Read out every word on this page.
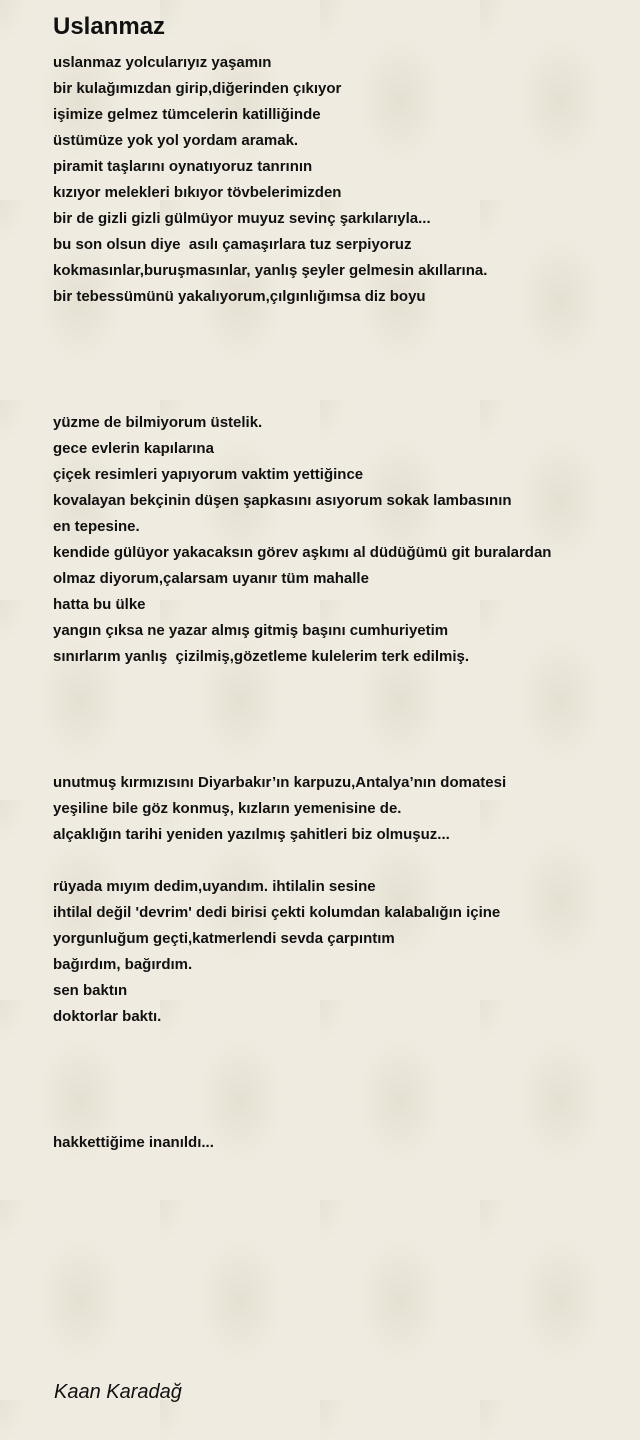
Uslanmaz
uslanmaz yolcularıyız yaşamın
bir kulağımızdan girip,diğerinden çıkıyor
işimize gelmez tümcelerin katilliğinde
üstümüze yok yol yordam aramak.
piramit taşlarını oynatıyoruz tanrının
kızıyor melekleri bıkıyor tövbelerimizden
bir de gizli gizli gülmüyor muyuz sevinç şarkılarıyla...
bu son olsun diye  asılı çamaşırlara tuz serpiyoruz
kokmasınlar,buruşmasınlar, yanlış şeyler gelmesin akıllarına.
bir tebessümünü yakalıyorum,çılgınlığımsa diz boyu
yüzme de bilmiyorum üstelik.
gece evlerin kapılarına
çiçek resimleri yapıyorum vaktim yettiğince
kovalayan bekçinin düşen şapkasını asıyorum sokak lambasının
en tepesine.
kendide gülüyor yakacaksın görev aşkımı al düdüğümü git buralardan
olmaz diyorum,çalarsam uyanır tüm mahalle
hatta bu ülke
yangın çıksa ne yazar almış gitmiş başını cumhuriyetim
sınırlarım yanlış  çizilmiş,gözetleme kulelerim terk edilmiş.
unutmuş kırmızısını Diyarbakır’ın karpuzu,Antalya’nın domatesi
yeşiline bile göz konmuş, kızların yemenisine de.
alçaklığın tarihi yeniden yazılmış şahitleri biz olmuşuz...
rüyada mıyım dedim,uyandım. ihtilalin sesine
ihtilal değil 'devrim' dedi birisi çekti kolumdan kalabalığın içine
yorgunluğum geçti,katmerlendi sevda çarpıntım
bağırdım, bağırdım.
sen baktın
doktorlar baktı.
hakkettiğime inanıldı...
Kaan Karadağ
